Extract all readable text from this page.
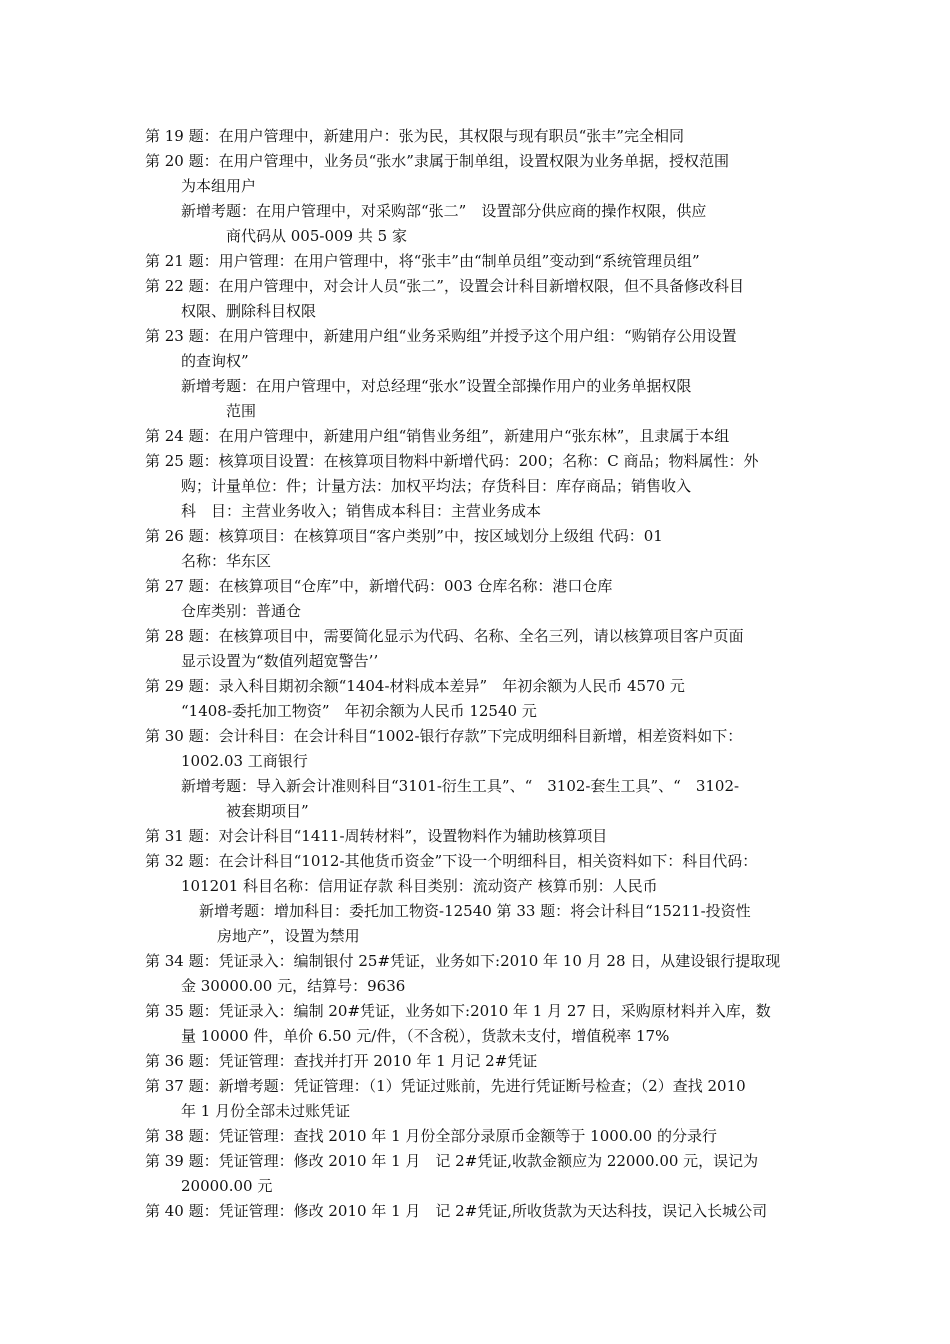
第 19 题：在用户管理中，新建用户：张为民，其权限与现有职员“张丰”完全相同
第 20 题：在用户管理中，业务员“张水”隶属于制单组，设置权限为业务单据，授权范围
为本组用户
新增考题：在用户管理中，对采购部“张二”　设置部分供应商的操作权限，供应
商代码从 005-009 共 5 家
第 21 题：用户管理：在用户管理中，将“张丰”由“制单员组”变动到“系统管理员组”
第 22 题：在用户管理中，对会计人员“张二”，设置会计科目新增权限，但不具备修改科目
权限、删除科目权限
第 23 题：在用户管理中，新建用户组“业务采购组”并授予这个用户组：“购销存公用设置
的查询权”
新增考题：在用户管理中，对总经理“张水”设置全部操作用户的业务单据权限
范围
第 24 题：在用户管理中，新建用户组“销售业务组”，新建用户“张东林”，且隶属于本组
第 25 题：核算项目设置：在核算项目物料中新增代码：200；名称：C 商品；物料属性：外
购；计量单位：件；计量方法：加权平均法；存货科目：库存商品；销售收入
科　目：主营业务收入；销售成本科目：主营业务成本
第 26 题：核算项目：在核算项目“客户类别”中，按区域划分上级组 代码：01
名称：华东区
第 27 题：在核算项目“仓库”中，新增代码：003 仓库名称：港口仓库
仓库类别：普通仓
第 28 题：在核算项目中，需要简化显示为代码、名称、全名三列，请以核算项目客户页面
显示设置为“数值列超宽警告’’
第 29 题：录入科目期初余额“1404-材料成本差异”　年初余额为人民币 4570 元
“1408-委托加工物资”　年初余额为人民币 12540 元
第 30 题：会计科目：在会计科目“1002-银行存款”下完成明细科目新增，相差资料如下：
1002.03 工商银行
新增考题：导入新会计准则科目“3101-衍生工具”、“　3102-套生工具”、“　3102-
被套期项目”
第 31 题：对会计科目“1411-周转材料”，设置物料作为辅助核算项目
第 32 题：在会计科目“1012-其他货币资金”下设一个明细科目，相关资料如下：科目代码：
101201 科目名称：信用证存款 科目类别：流动资产 核算币别：人民币
新增考题：增加科目：委托加工物资-12540 第 33 题：将会计科目“15211-投资性
房地产”，设置为禁用
第 34 题：凭证录入：编制银付 25#凭证，业务如下:2010 年 10 月 28 日，从建设银行提取现
金 30000.00 元，结算号：9636
第 35 题：凭证录入：编制 20#凭证，业务如下:2010 年 1 月 27 日，采购原材料并入库，数
量 10000 件，单价 6.50 元/件，（不含税），货款未支付，增值税率 17%
第 36 题：凭证管理：查找并打开 2010 年 1 月记 2#凭证
第 37 题：新增考题：凭证管理：（1）凭证过账前，先进行凭证断号检查；（2）查找 2010
年 1 月份全部未过账凭证
第 38 题：凭证管理：查找 2010 年 1 月份全部分录原币金额等于 1000.00 的分录行
第 39 题：凭证管理：修改 2010 年 1 月　记 2#凭证,收款金额应为 22000.00 元，误记为
20000.00 元
第 40 题：凭证管理：修改 2010 年 1 月　记 2#凭证,所收货款为天达科技，误记入长城公司
